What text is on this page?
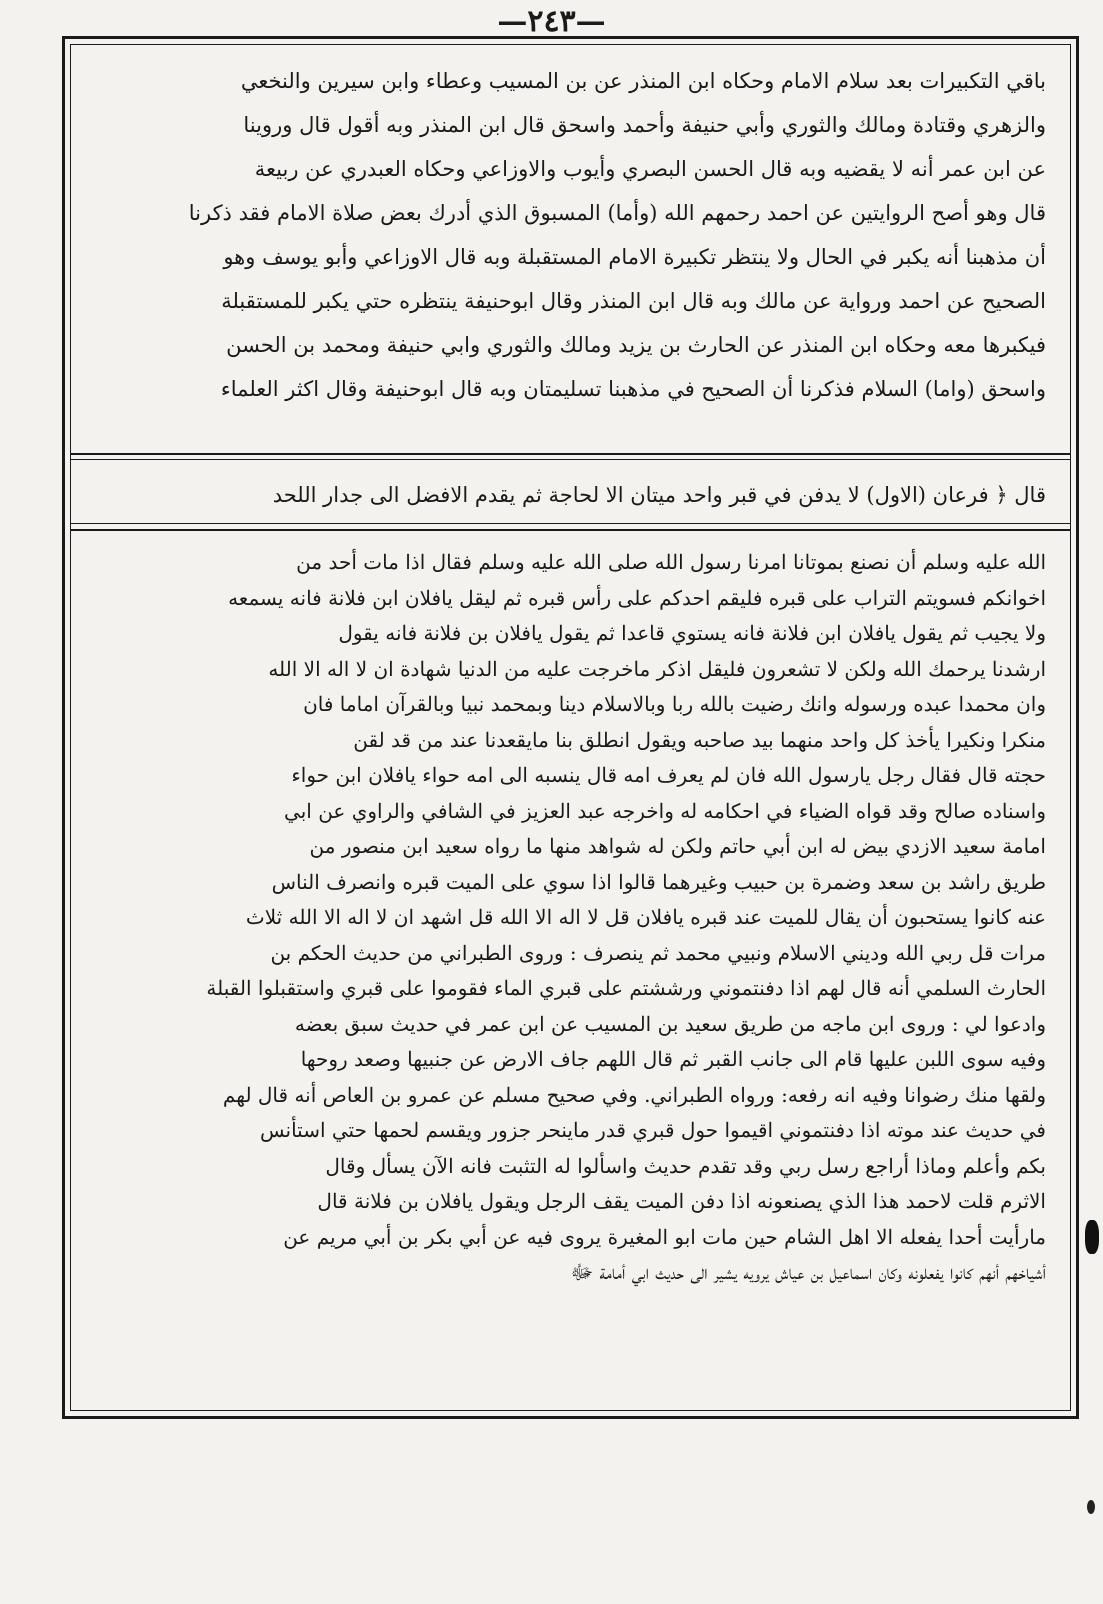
—٢٤٣—
باقي التكبيرات بعد سلام الامام وحكاه ابن المنذر عن بن المسيب وعطاء وابن سيرين والنخعي
والزهري وقتادة ومالك والثوري وأبي حنيفة وأحمد واسحق قال ابن المنذر وبه أقول قال وروينا
عن ابن عمر أنه لا يقضيه وبه قال الحسن البصري وأيوب والاوزاعي وحكاه العبدري عن ربيعة
قال وهو أصح الروايتين عن احمد رحمهم الله (وأما) المسبوق الذي أدرك بعض صلاة الامام فقد ذكرنا
أن مذهبنا أنه يكبر في الحال ولا ينتظر تكبيرة الامام المستقبلة وبه قال الاوزاعي وأبو يوسف وهو
الصحيح عن احمد ورواية عن مالك وبه قال ابن المنذر وقال ابوحنيفة ينتظره حتي يكبر للمستقبلة
فيكبرها معه وحكاه ابن المنذر عن الحارث بن يزيد ومالك والثوري وابي حنيفة ومحمد بن الحسن
واسحق (واما) السلام فذكرنا أن الصحيح في مذهبنا تسليمتان وبه قال ابوحنيفة وقال اكثر العلماء
قال ﴿ فرعان (الاول) لا يدفن في قبر واحد ميتان الا لحاجة ثم يقدم الافضل الى جدار اللحد
الله عليه وسلم أن نصنع بموتانا امرنا رسول الله صلى الله عليه وسلم فقال اذا مات أحد من
اخوانكم فسويتم التراب على قبره فليقم احدكم على رأس قبره ثم ليقل يافلان ابن فلانة فانه يسمعه
ولا يجيب ثم يقول يافلان ابن فلانة فانه يستوي قاعدا ثم يقول يافلان بن فلانة فانه يقول
ارشدنا يرحمك الله ولكن لا تشعرون فليقل اذكر ماخرجت عليه من الدنيا شهادة ان لا اله الا الله
وان محمدا عبده ورسوله وانك رضيت بالله ربا وبالاسلام دينا وبمحمد نبيا وبالقرآن اماما فان
منكرا ونكيرا يأخذ كل واحد منهما بيد صاحبه ويقول انطلق بنا مايقعدنا عند من قد لقن
حجته قال فقال رجل يارسول الله فان لم يعرف امه قال ينسبه الى امه حواء يافلان ابن حواء
واسناده صالح وقد قواه الضياء في احكامه له واخرجه عبد العزيز في الشافي والراوي عن ابي
امامة سعيد الازدي بيض له ابن أبي حاتم ولكن له شواهد منها ما رواه سعيد ابن منصور من
طريق راشد بن سعد وضمرة بن حبيب وغيرهما قالوا اذا سوي على الميت قبره وانصرف الناس
عنه كانوا يستحبون أن يقال للميت عند قبره يافلان قل لا اله الا الله قل اشهد ان لا اله الا الله ثلاث
مرات قل ربي الله وديني الاسلام ونبيي محمد ثم ينصرف : وروى الطبراني من حديث الحكم بن
الحارث السلمي أنه قال لهم اذا دفنتموني ورششتم على قبري الماء فقوموا على قبري واستقبلوا القبلة
وادعوا لي : وروى ابن ماجه من طريق سعيد بن المسيب عن ابن عمر في حديث سبق بعضه
وفيه سوى اللبن عليها قام الى جانب القبر ثم قال اللهم جاف الارض عن جنبيها وصعد روحها
ولقها منك رضوانا وفيه انه رفعه: ورواه الطبراني. وفي صحيح مسلم عن عمرو بن العاص أنه قال لهم
في حديث عند موته اذا دفنتموني اقيموا حول قبري قدر ماينحر جزور ويقسم لحمها حتي استأنس
بكم وأعلم وماذا أراجع رسل ربي وقد تقدم حديث واسألوا له التثبت فانه الآن يسأل وقال
الاثرم قلت لاحمد هذا الذي يصنعونه اذا دفن الميت يقف الرجل ويقول يافلان بن فلانة قال
مارأيت أحدا يفعله الا اهل الشام حين مات ابو المغيرة يروى فيه عن أبي بكر بن أبي مريم عن
أشياخهم أنهم كانوا يفعلونه وكان اسماعيل بن عياش يرويه يشير الى حديث ابي أمامة ﷻ
